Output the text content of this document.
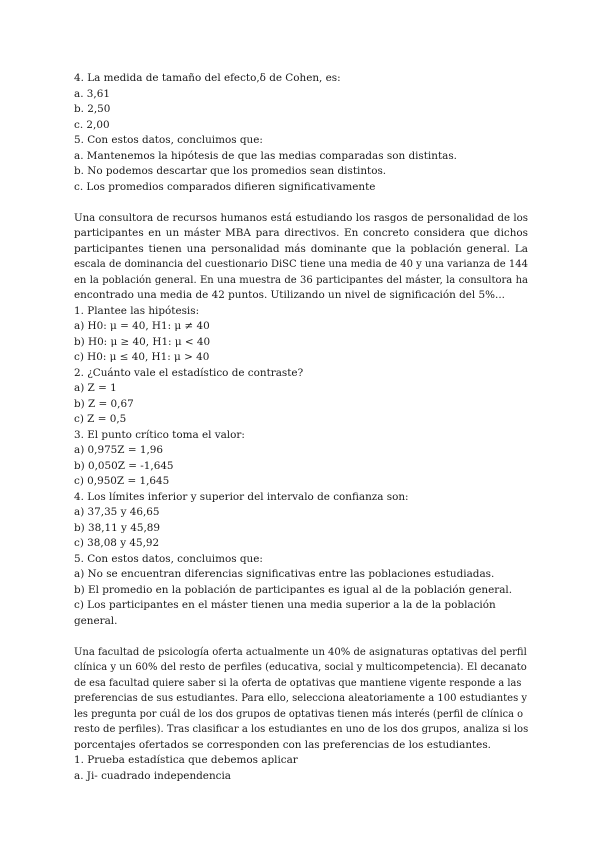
4. La medida de tamaño del efecto,δ de Cohen, es:
a. 3,61
b. 2,50
c. 2,00
5. Con estos datos, concluimos que:
a. Mantenemos la hipótesis de que las medias comparadas son distintas.
b. No podemos descartar que los promedios sean distintos.
c. Los promedios comparados difieren significativamente
Una consultora de recursos humanos está estudiando los rasgos de personalidad de los
participantes en un máster MBA para directivos. En concreto considera que dichos
participantes tienen una personalidad más dominante que la población general. La
escala de dominancia del cuestionario DiSC tiene una media de 40 y una varianza de 144
en la población general. En una muestra de 36 participantes del máster, la consultora ha
encontrado una media de 42 puntos. Utilizando un nivel de significación del 5%...
1. Plantee las hipótesis:
a) H0: μ = 40, H1: μ ≠ 40
b) H0: μ ≥ 40, H1: μ < 40
c) H0: μ ≤ 40, H1: μ > 40
2. ¿Cuánto vale el estadístico de contraste?
a) Z = 1
b) Z = 0,67
c) Z = 0,5
3. El punto crítico toma el valor:
a) 0,975Z = 1,96
b) 0,050Z = -1,645
c) 0,950Z = 1,645
4. Los límites inferior y superior del intervalo de confianza son:
a) 37,35 y 46,65
b) 38,11 y 45,89
c) 38,08 y 45,92
5. Con estos datos, concluimos que:
a) No se encuentran diferencias significativas entre las poblaciones estudiadas.
b) El promedio en la población de participantes es igual al de la población general.
c) Los participantes en el máster tienen una media superior a la de la población
general.
Una facultad de psicología oferta actualmente un 40% de asignaturas optativas del perfil
clínica y un 60% del resto de perfiles (educativa, social y multicompetencia). El decanato
de esa facultad quiere saber si la oferta de optativas que mantiene vigente responde a las
preferencias de sus estudiantes. Para ello, selecciona aleatoriamente a 100 estudiantes y
les pregunta por cuál de los dos grupos de optativas tienen más interés (perfil de clínica o
resto de perfiles). Tras clasificar a los estudiantes en uno de los dos grupos, analiza si los
porcentajes ofertados se corresponden con las preferencias de los estudiantes.
1. Prueba estadística que debemos aplicar
a. Ji- cuadrado independencia
